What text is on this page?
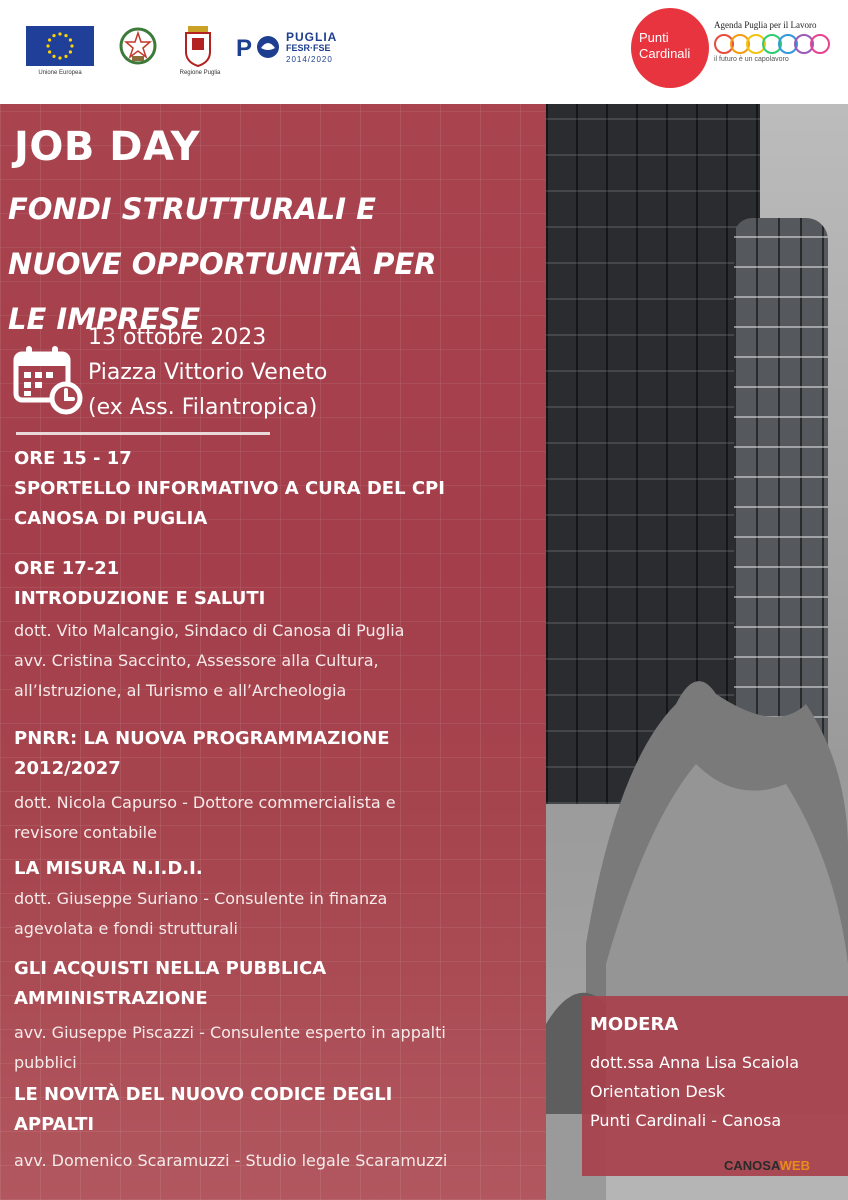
Unione Europea	Regione Puglia
P	PUGLIA
FESR·FSE
2014/2020
Punti
Cardinali
Agenda Puglia per il Lavoro
il futuro è un capolavoro
JOB DAY
FONDI STRUTTURALI E
NUOVE OPPORTUNITÀ PER
LE IMPRESE
13 ottobre 2023
Piazza Vittorio Veneto
(ex Ass. Filantropica)
ORE 15 - 17
SPORTELLO INFORMATIVO A CURA DEL CPI
CANOSA DI PUGLIA
ORE 17-21
INTRODUZIONE E SALUTI
dott. Vito Malcangio, Sindaco di Canosa di Puglia
avv. Cristina Saccinto, Assessore alla Cultura,
all’Istruzione, al Turismo e all’Archeologia
PNRR: LA NUOVA PROGRAMMAZIONE
2012/2027
dott. Nicola Capurso - Dottore commercialista e
revisore contabile
LA MISURA N.I.D.I.
dott. Giuseppe Suriano - Consulente in finanza
agevolata e fondi strutturali
GLI ACQUISTI NELLA PUBBLICA
AMMINISTRAZIONE
avv. Giuseppe Piscazzi - Consulente esperto in appalti
pubblici
LE NOVITÀ DEL NUOVO CODICE DEGLI
APPALTI
avv. Domenico Scaramuzzi - Studio legale Scaramuzzi
MODERA
dott.ssa Anna Lisa Scaiola
Orientation Desk
Punti Cardinali - Canosa
CANOSAWEB
